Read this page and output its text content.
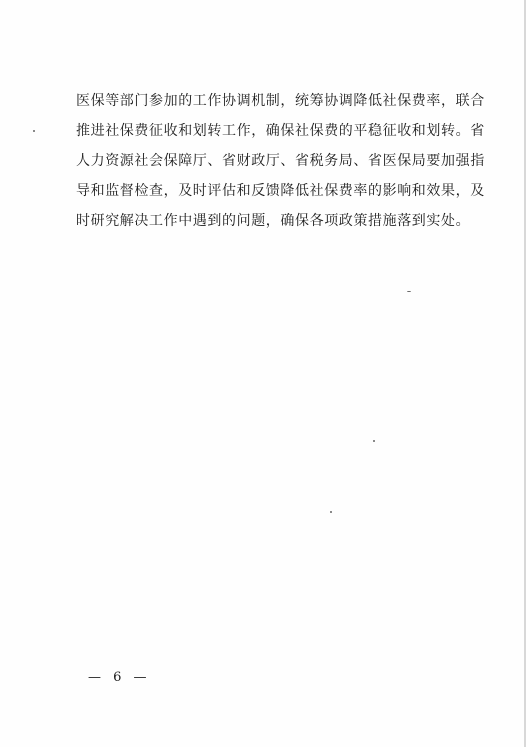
医保等部门参加的工作协调机制，统筹协调降低社保费率，联合
推进社保费征收和划转工作，确保社保费的平稳征收和划转。省
人力资源社会保障厅、省财政厅、省税务局、省医保局要加强指
导和监督检查，及时评估和反馈降低社保费率的影响和效果，及
时研究解决工作中遇到的问题，确保各项政策措施落到实处。
— 6 —
